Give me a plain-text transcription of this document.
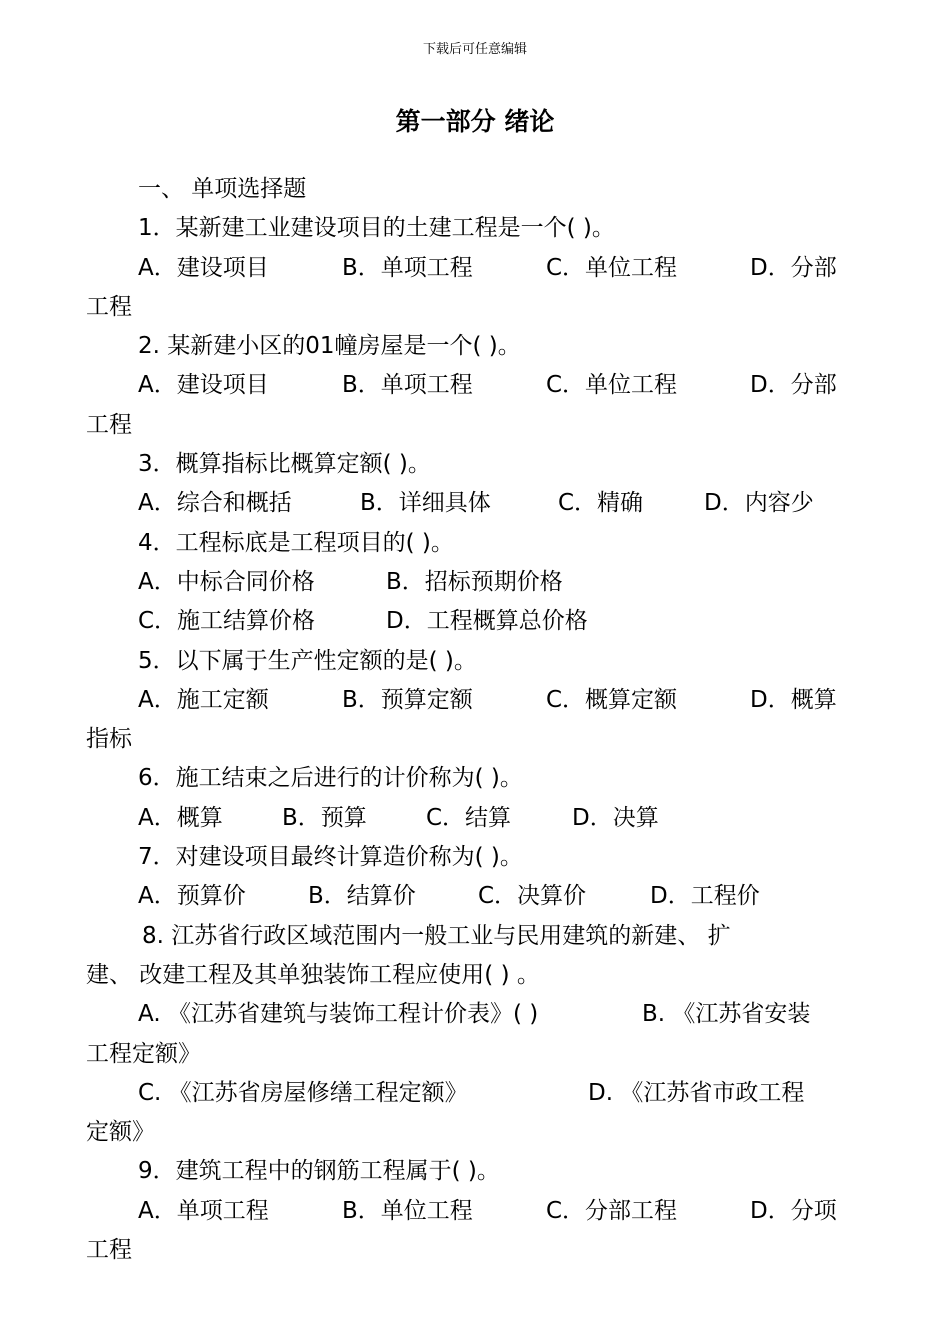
下载后可任意编辑
第一部分 绪论
一、 单项选择题
1．某新建工业建设项目的土建工程是一个( )。
A．建设项目	B．单项工程	C．单位工程	D．分部
工程
2. 某新建小区的01幢房屋是一个( )。
A．建设项目	B．单项工程	C．单位工程	D．分部
工程
3．概算指标比概算定额( )。
A．综合和概括	B．详细具体	C．精确	D．内容少
4．工程标底是工程项目的( )。
A．中标合同价格	B．招标预期价格
C．施工结算价格	D．工程概算总价格
5．以下属于生产性定额的是( )。
A．施工定额	B．预算定额	C．概算定额	D．概算
指标
6．施工结束之后进行的计价称为( )。
A．概算	B．预算	C．结算	D．决算
7．对建设项目最终计算造价称为( )。
A．预算价	B．结算价	C．决算价	D．工程价
8. 江苏省行政区域范围内一般工业与民用建筑的新建、 扩
建、 改建工程及其单独装饰工程应使用( ) 。
A. 《江苏省建筑与装饰工程计价表》( )	B. 《江苏省安装
工程定额》
C. 《江苏省房屋修缮工程定额》	D. 《江苏省市政工程
定额》
9．建筑工程中的钢筋工程属于( )。
A．单项工程	B．单位工程	C．分部工程	D．分项
工程
